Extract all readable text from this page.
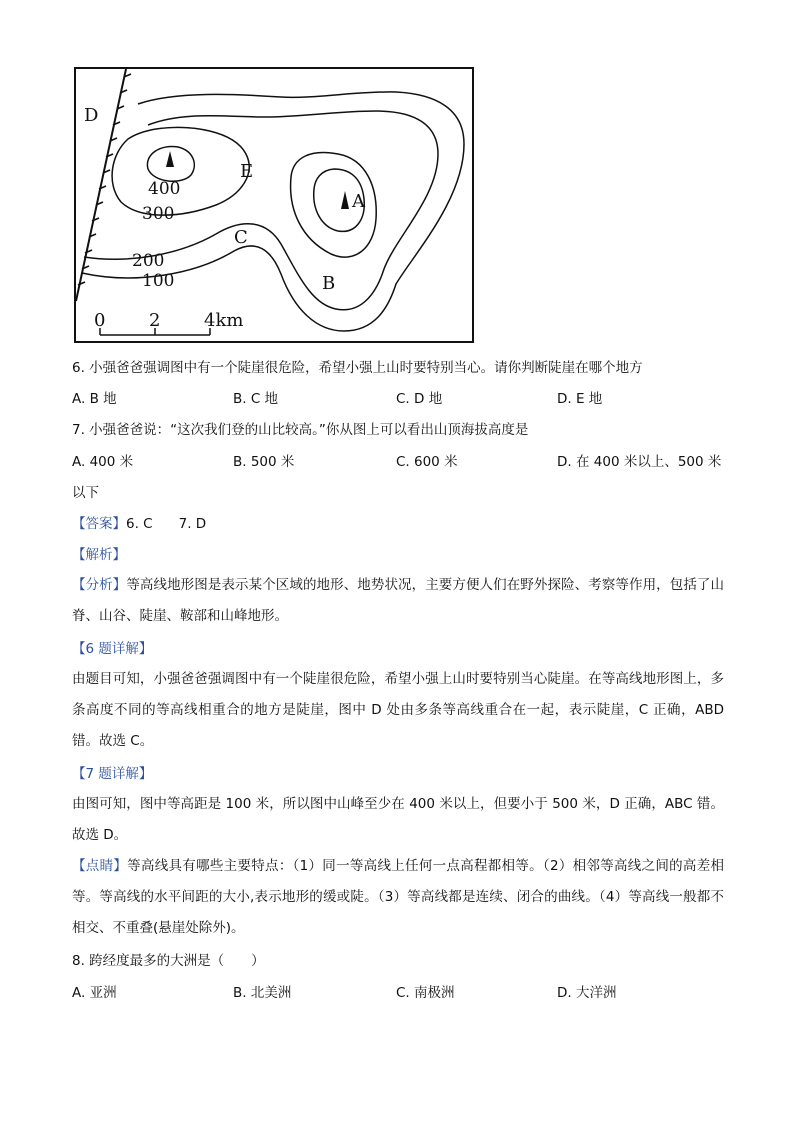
D
E
A
C
B
400
300
200
100
0 2 4km
6. 小强爸爸强调图中有一个陡崖很危险，希望小强上山时要特别当心。请你判断陡崖在哪个地方
A. B 地	B. C 地	C. D 地	D. E 地
7. 小强爸爸说：“这次我们登的山比较高。”你从图上可以看出山顶海拔高度是
A. 400 米	B. 500 米	C. 600 米	D. 在 400 米以上、500 米
以下
【答案】6. C 7. D
【解析】
【分析】等高线地形图是表示某个区域的地形、地势状况，主要方便人们在野外探险、考察等作用，包括了山脊、山谷、陡崖、鞍部和山峰地形。
【6 题详解】
由题目可知，小强爸爸强调图中有一个陡崖很危险，希望小强上山时要特别当心陡崖。在等高线地形图上，多条高度不同的等高线相重合的地方是陡崖，图中 D 处由多条等高线重合在一起，表示陡崖，C 正确，ABD 错。故选 C。
【7 题详解】
由图可知，图中等高距是 100 米，所以图中山峰至少在 400 米以上，但要小于 500 米，D 正确，ABC 错。故选 D。
【点睛】等高线具有哪些主要特点：（1）同一等高线上任何一点高程都相等。（2）相邻等高线之间的高差相等。等高线的水平间距的大小,表示地形的缓或陡。（3）等高线都是连续、闭合的曲线。（4）等高线一般都不相交、不重叠(悬崖处除外)。
8. 跨经度最多的大洲是（　　）
A. 亚洲	B. 北美洲	C. 南极洲	D. 大洋洲
